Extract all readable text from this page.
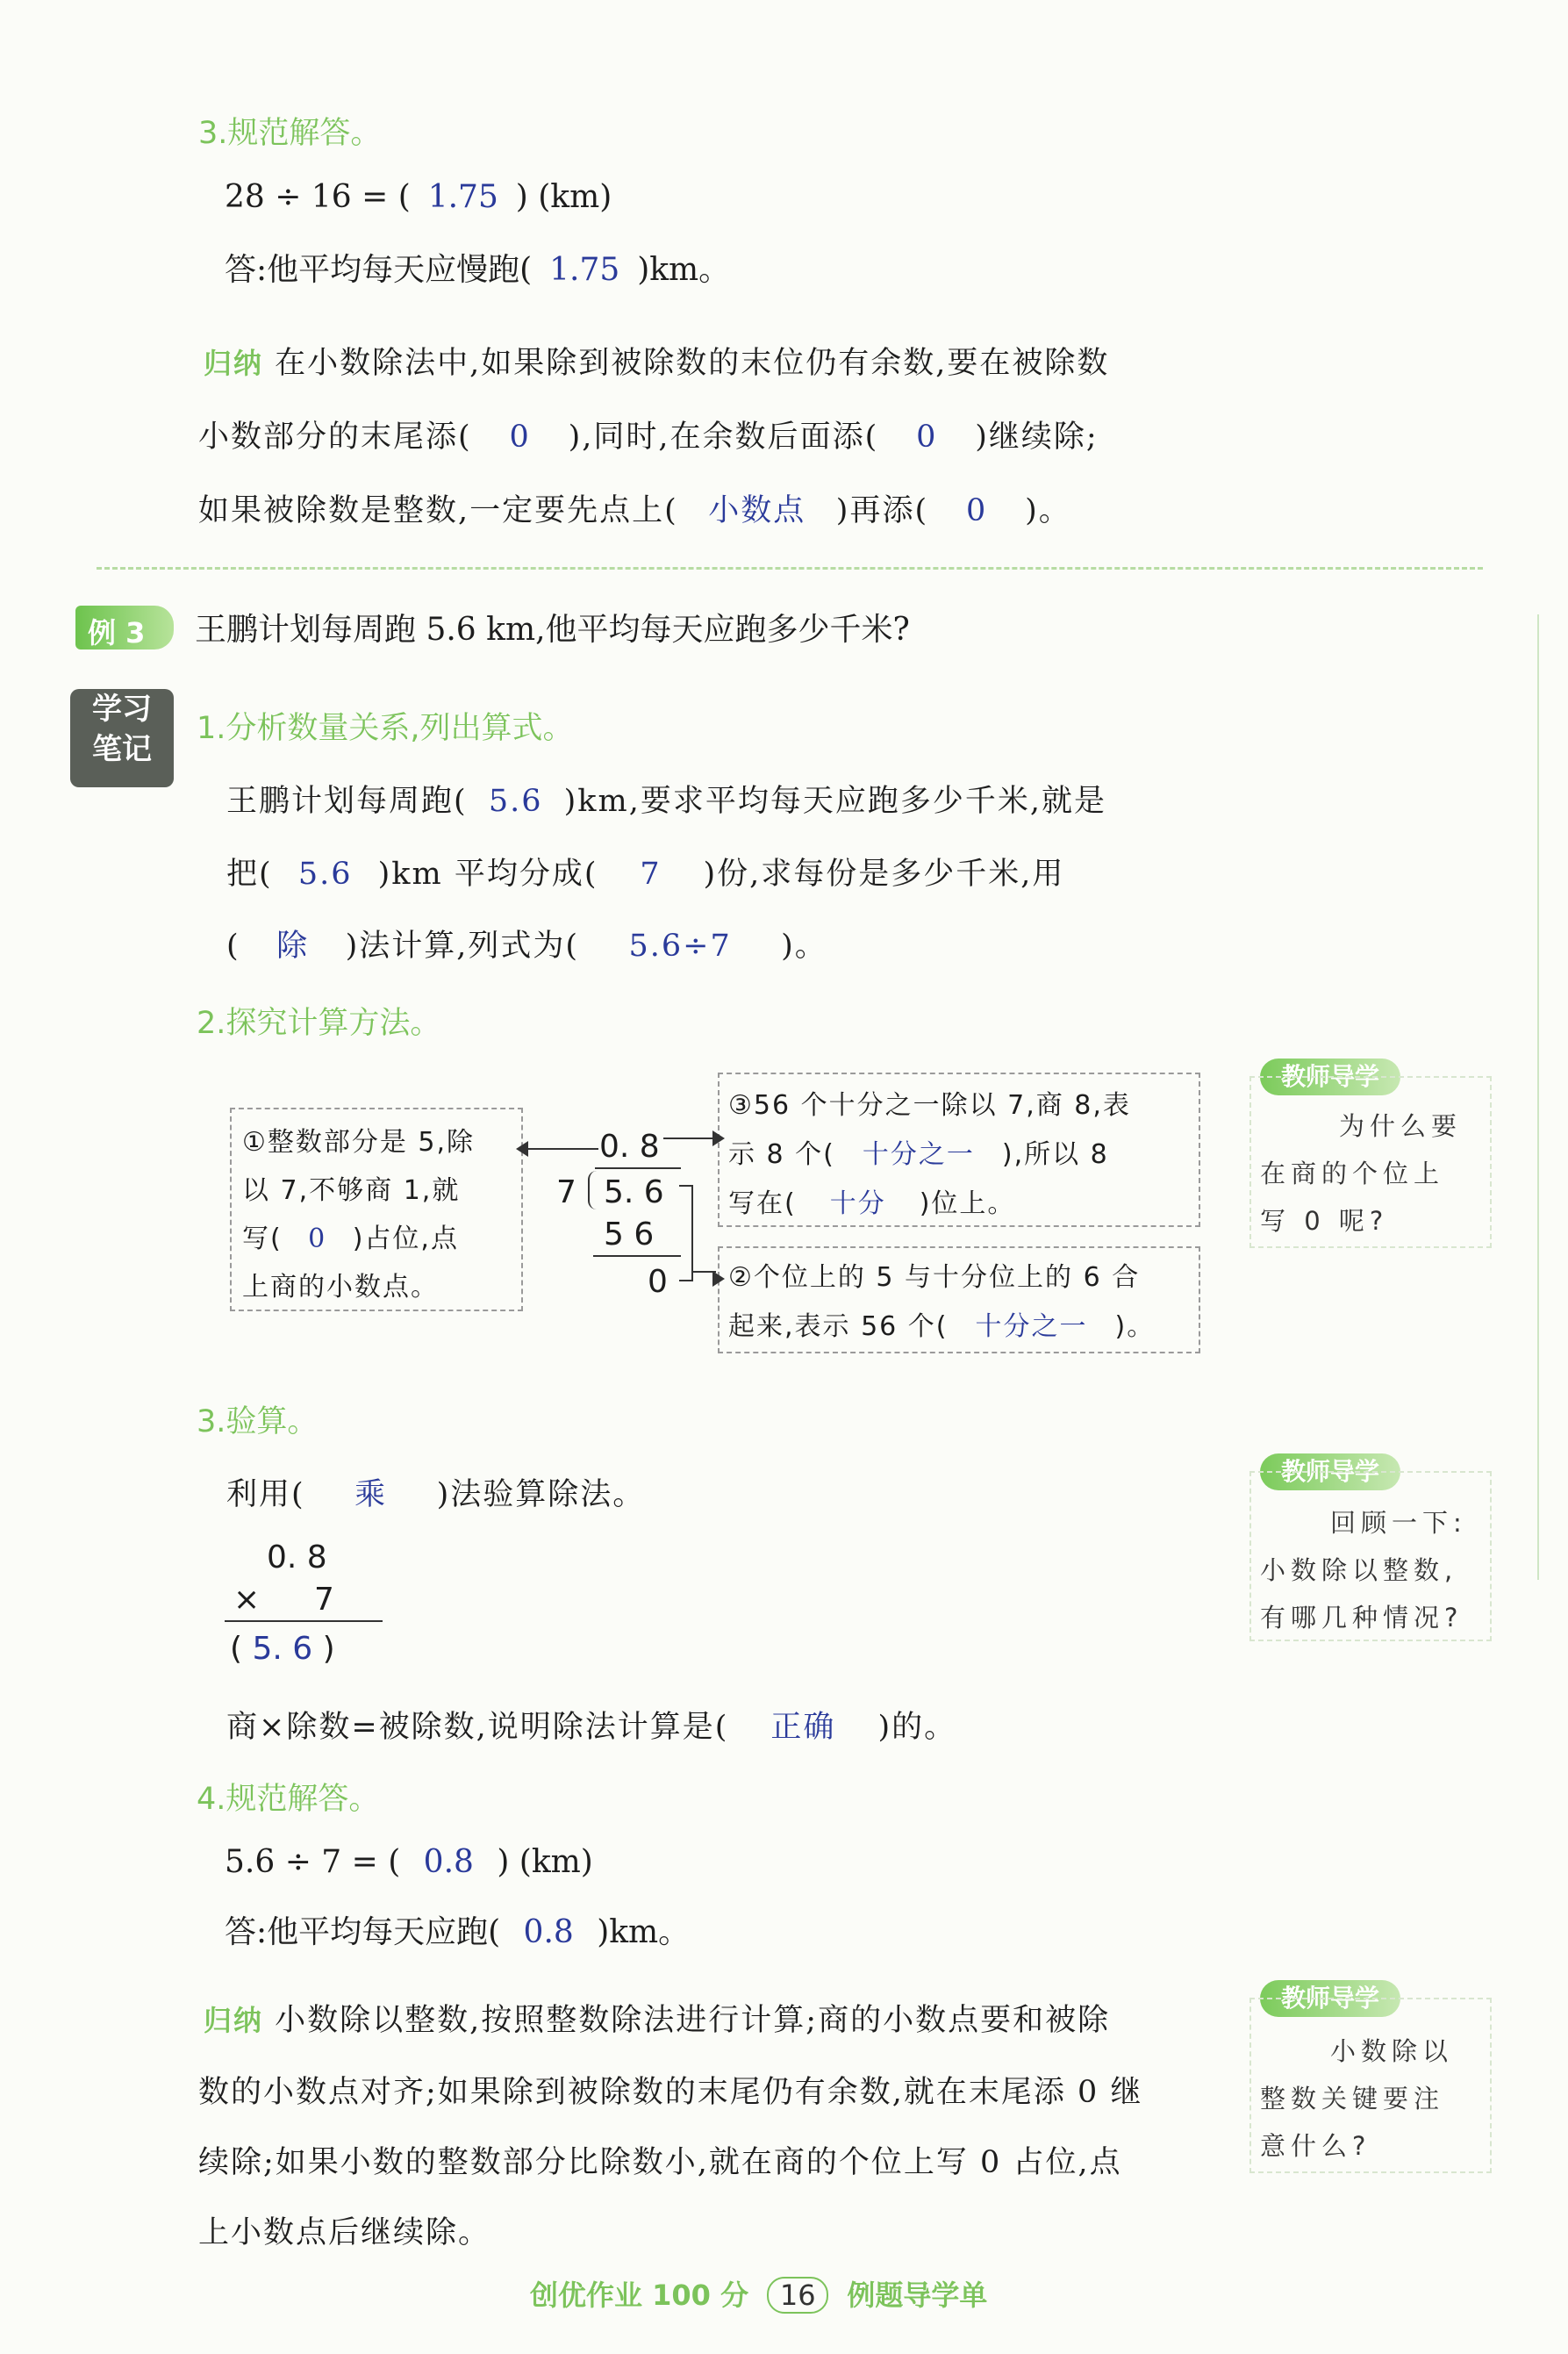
3.规范解答。
28 ÷ 16 = ( 1.75 ) (km)
答:他平均每天应慢跑( 1.75 )km。
归纳 在小数除法中,如果除到被除数的末位仍有余数,要在被除数
小数部分的末尾添( 0 ),同时,在余数后面添( 0 )继续除;
如果被除数是整数,一定要先点上( 小数点 )再添( 0 )。
例 3 王鹏计划每周跑 5.6 km,他平均每天应跑多少千米?
学习
笔记
1.分析数量关系,列出算式。
王鹏计划每周跑( 5.6 )km,要求平均每天应跑多少千米,就是
把( 5.6 )km 平均分成( 7 )份,求每份是多少千米,用
( 除 )法计算,列式为( 5.6÷7 )。
2.探究计算方法。
①整数部分是 5,除
以 7,不够商 1,就
写( 0 )占位,点
上商的小数点。
③56 个十分之一除以 7,商 8,表
示 8 个( 十分之一 ),所以 8
写在( 十分 )位上。
②个位上的 5 与十分位上的 6 合
起来,表示 56 个( 十分之一 )。
0. 8
7 5. 6
5 6
0
3.验算。
利用( 乘 )法验算除法。
0. 8
× 7
( 5. 6 )
商×除数=被除数,说明除法计算是( 正确 )的。
4.规范解答。
5.6 ÷ 7 = ( 0.8 ) (km)
答:他平均每天应跑( 0.8 )km。
归纳 小数除以整数,按照整数除法进行计算;商的小数点要和被除
数的小数点对齐;如果除到被除数的末尾仍有余数,就在末尾添 0 继
续除;如果小数的整数部分比除数小,就在商的个位上写 0 占位,点
上小数点后继续除。
教师导学
为什么要
在商的个位上
写 0 呢?
教师导学
回顾一下:
小数除以整数,
有哪几种情况?
教师导学
小数除以
整数关键要注
意什么?
创优作业 100 分 16 例题导学单
